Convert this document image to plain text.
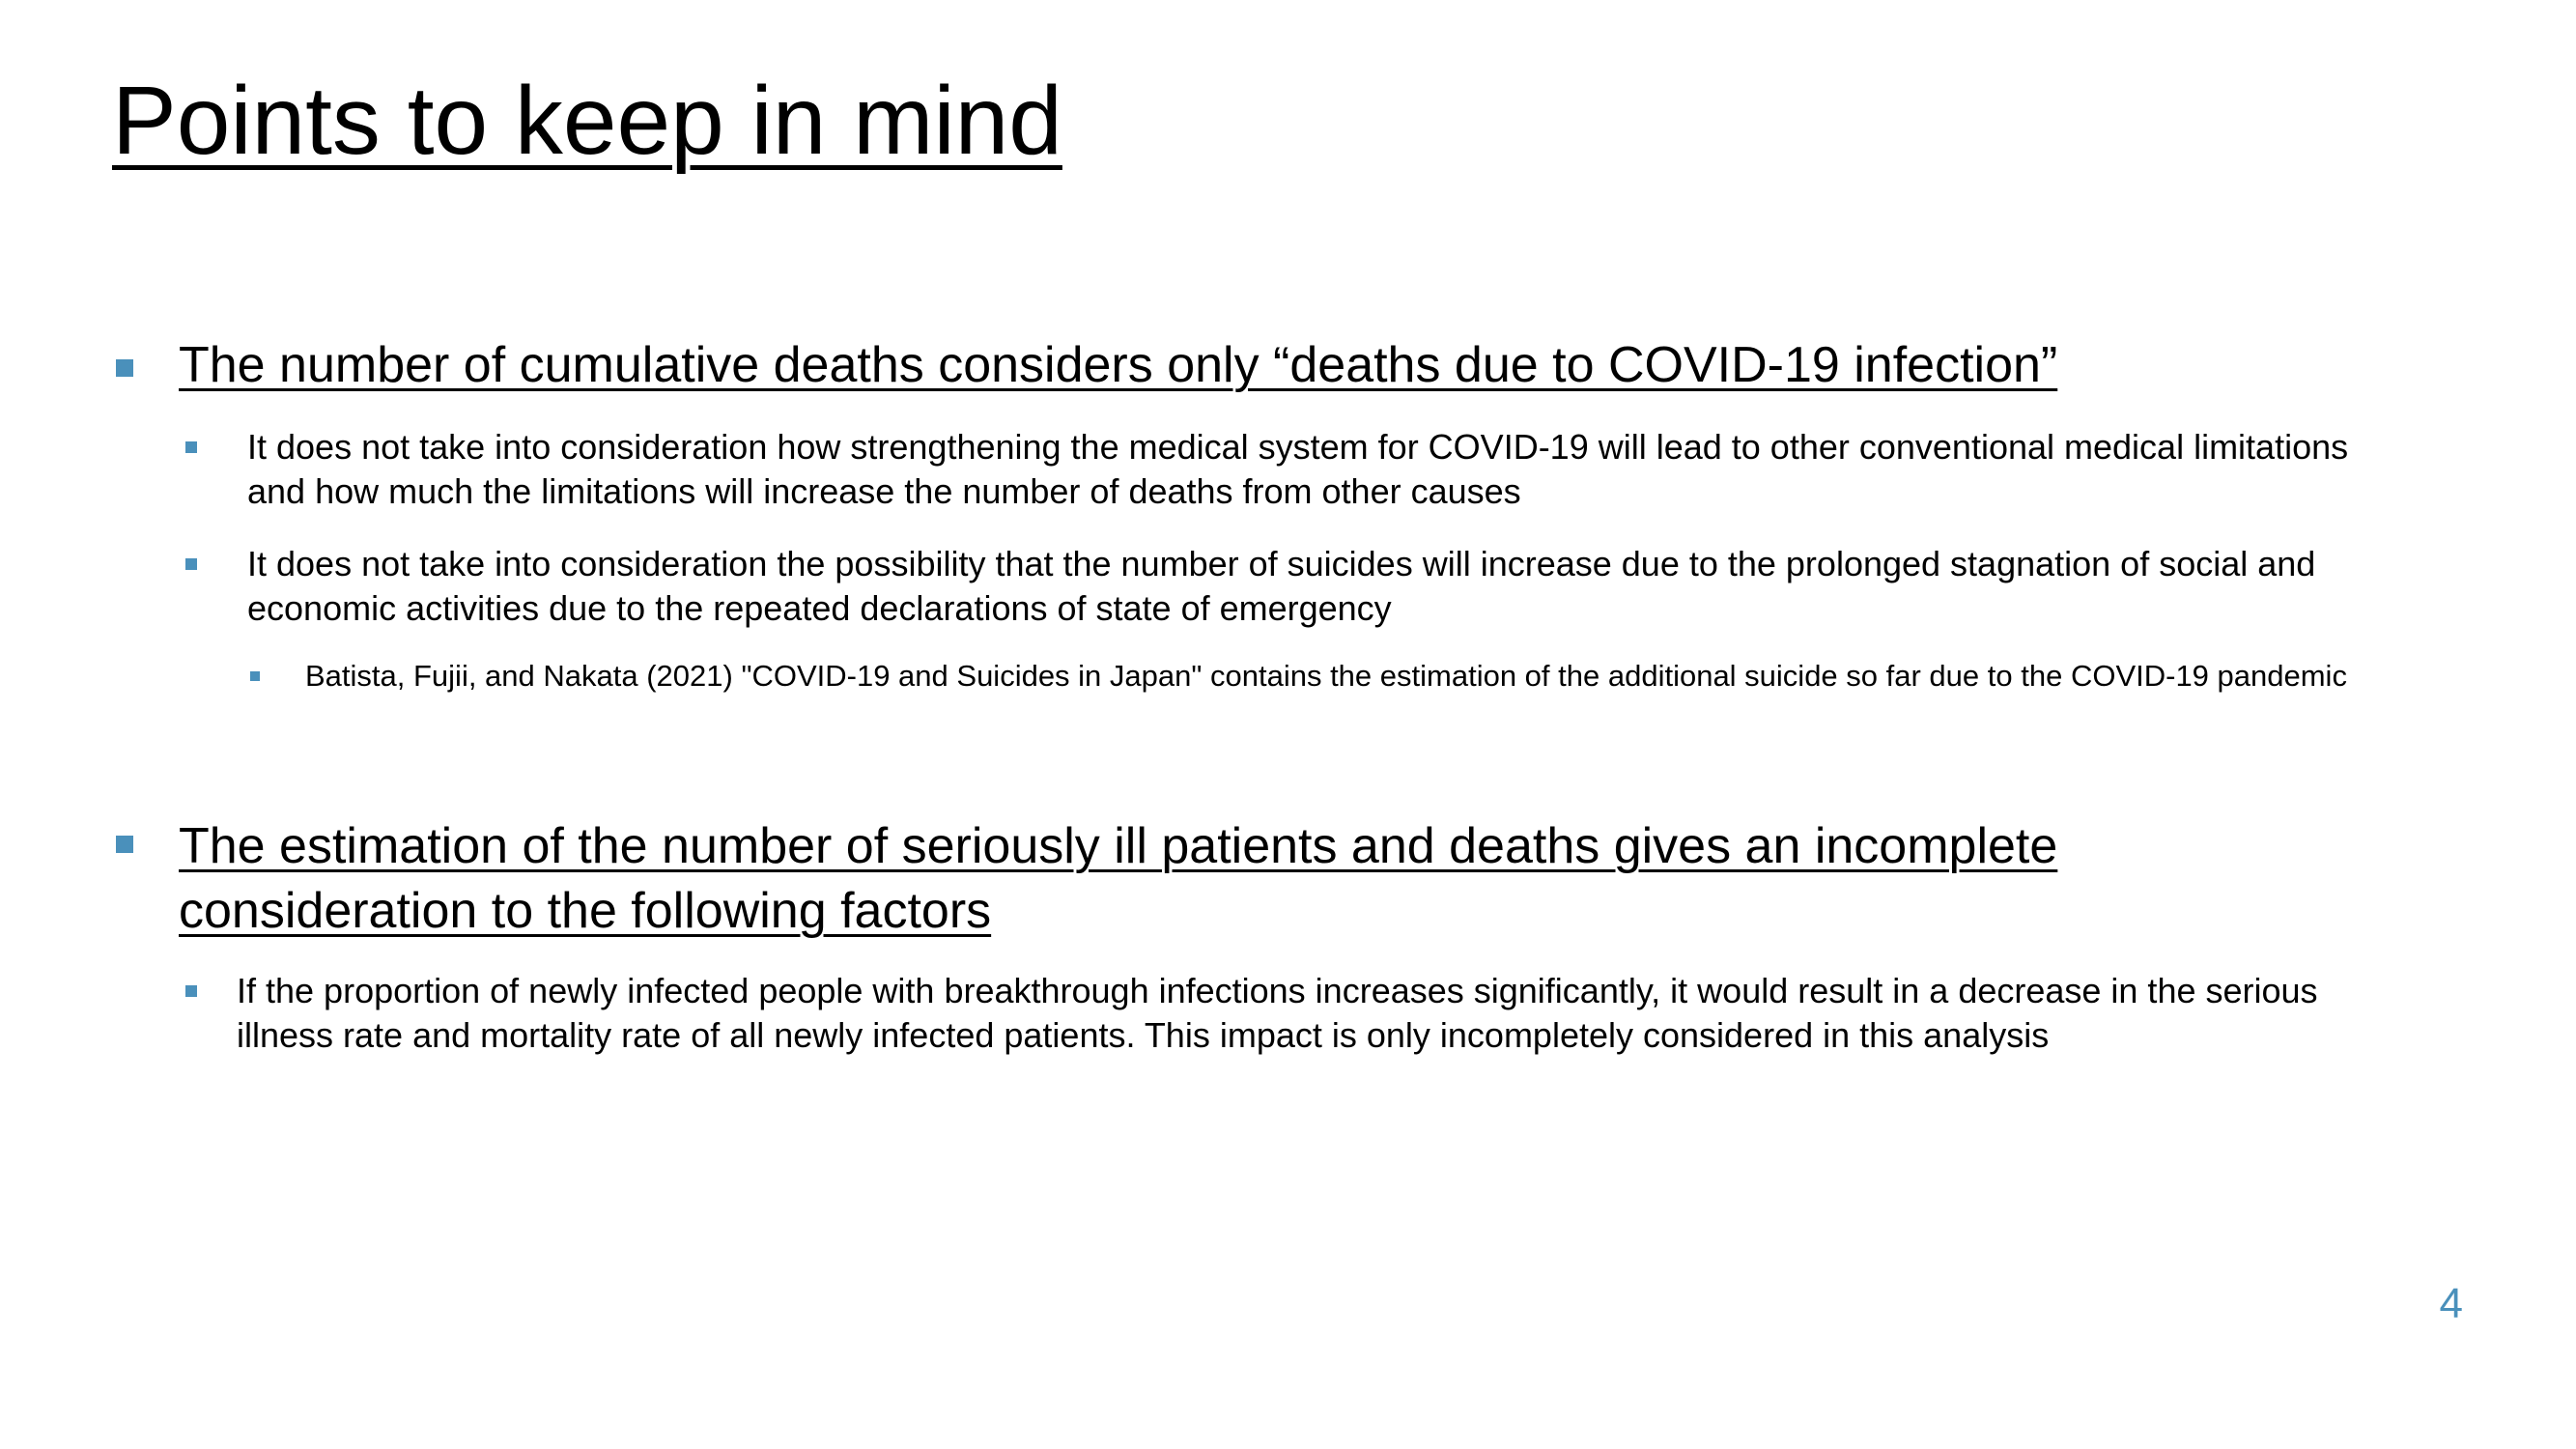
Points to keep in mind

The number of cumulative deaths considers only “deaths due to COVID-19 infection”

It does not take into consideration how strengthening the medical system for COVID-19 will lead to other conventional medical limitations and how much the limitations will increase the number of deaths from other causes

It does not take into consideration the possibility that the number of suicides will increase due to the prolonged stagnation of social and economic activities due to the repeated declarations of state of emergency

Batista, Fujii, and Nakata (2021) "COVID-19 and Suicides in Japan" contains the estimation of the additional suicide so far due to the COVID-19 pandemic

The estimation of the number of seriously ill patients and deaths gives an incomplete consideration to the following factors

If the proportion of newly infected people with breakthrough infections increases significantly, it would result in a decrease in the serious illness rate and mortality rate of all newly infected patients. This impact is only incompletely considered in this analysis

4
